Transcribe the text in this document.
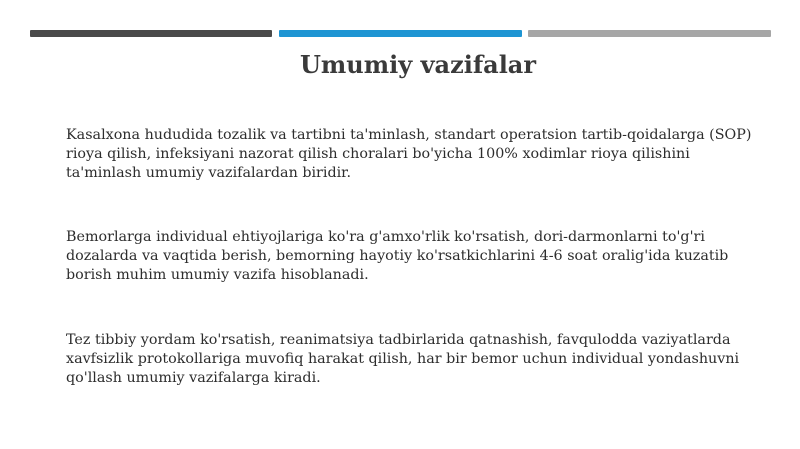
Umumiy vazifalar

Kasalxona hududida tozalik va tartibni ta'minlash, standart operatsion tartib-qoidalarga (SOP) rioya qilish, infeksiyani nazorat qilish choralari bo'yicha 100% xodimlar rioya qilishini ta'minlash umumiy vazifalardan biridir.

Bemorlarga individual ehtiyojlariga ko'ra g'amxo'rlik ko'rsatish, dori-darmonlarni to'g'ri dozalarda va vaqtida berish, bemorning hayotiy ko'rsatkichlarini 4-6 soat oralig'ida kuzatib borish muhim umumiy vazifa hisoblanadi.

Tez tibbiy yordam ko'rsatish, reanimatsiya tadbirlarida qatnashish, favqulodda vaziyatlarda xavfsizlik protokollariga muvofiq harakat qilish, har bir bemor uchun individual yondashuvni qo'llash umumiy vazifalarga kiradi.
